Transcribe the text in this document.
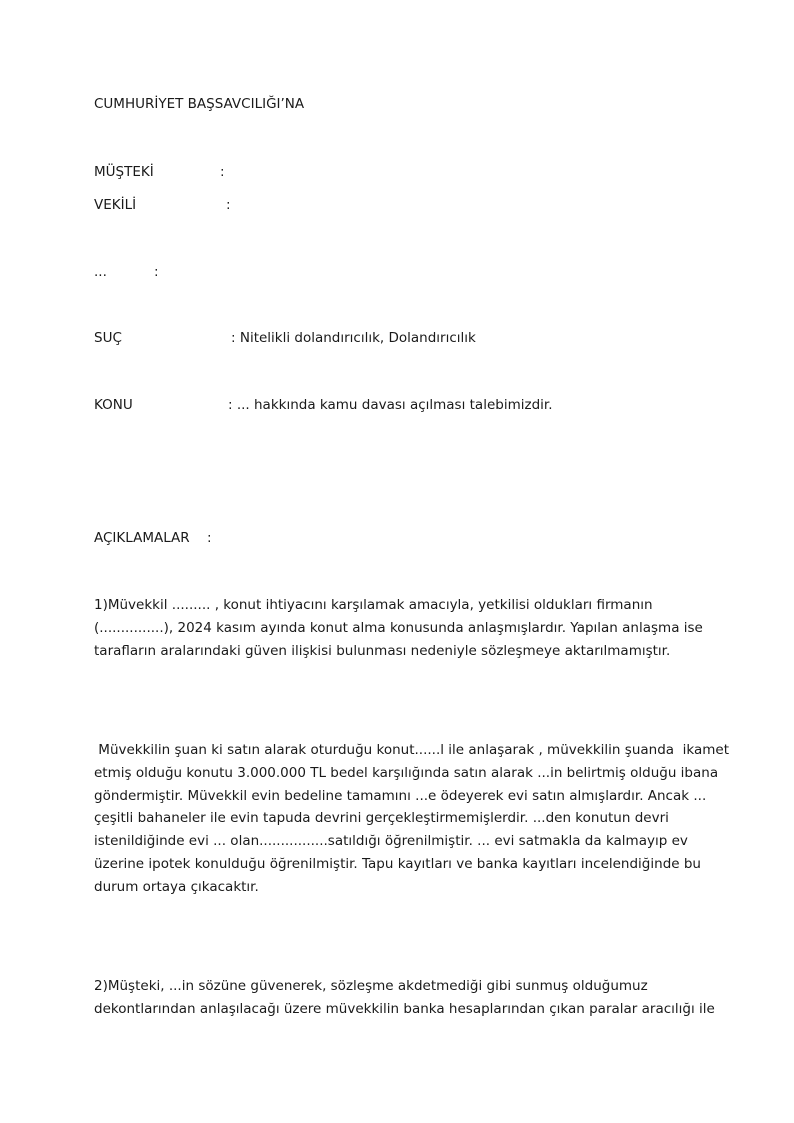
CUMHURİYET BAŞSAVCILIĞI’NA
MÜŞTEKİ	:
VEKİLİ	:
...	:
SUÇ	: Nitelikli dolandırıcılık, Dolandırıcılık
KONU	: ... hakkında kamu davası açılması talebimizdir.
AÇIKLAMALAR :
1)Müvekkil ......... , konut ihtiyacını karşılamak amacıyla, yetkilisi oldukları firmanın
(...............), 2024 kasım ayında konut alma konusunda anlaşmışlardır. Yapılan anlaşma ise
tarafların aralarındaki güven ilişkisi bulunması nedeniyle sözleşmeye aktarılmamıştır.
Müvekkilin şuan ki satın alarak oturduğu konut......l ile anlaşarak , müvekkilin şuanda  ikamet
etmiş olduğu konutu 3.000.000 TL bedel karşılığında satın alarak ...in belirtmiş olduğu ibana
göndermiştir. Müvekkil evin bedeline tamamını ...e ödeyerek evi satın almışlardır. Ancak ...
çeşitli bahaneler ile evin tapuda devrini gerçekleştirmemişlerdir. ...den konutun devri
istenildiğinde evi ... olan................satıldığı öğrenilmiştir. ... evi satmakla da kalmayıp ev
üzerine ipotek konulduğu öğrenilmiştir. Tapu kayıtları ve banka kayıtları incelendiğinde bu
durum ortaya çıkacaktır.
2)Müşteki, ...in sözüne güvenerek, sözleşme akdetmediği gibi sunmuş olduğumuz
dekontlarından anlaşılacağı üzere müvekkilin banka hesaplarından çıkan paralar aracılığı ile
